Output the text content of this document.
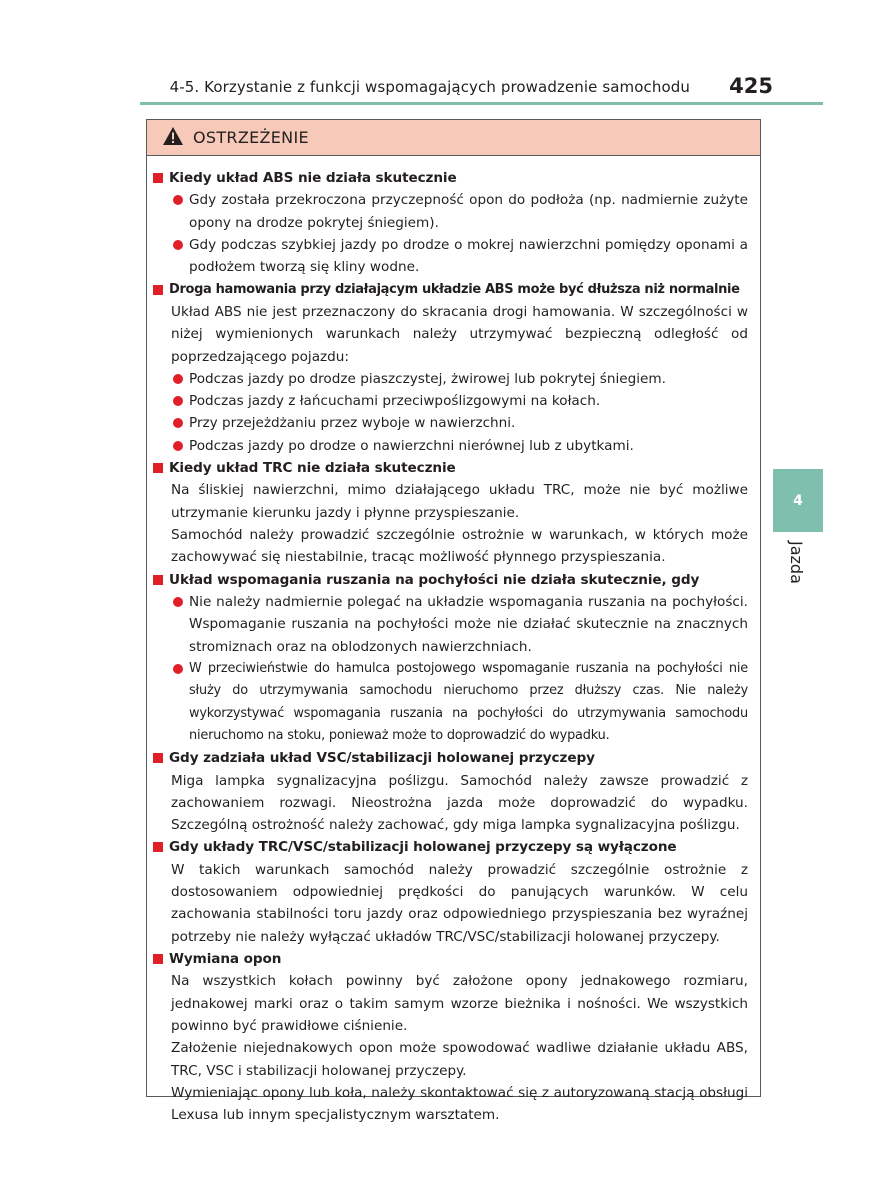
4-5. Korzystanie z funkcji wspomagających prowadzenie samochodu 425
4
Jazda
OSTRZEŻENIE
Kiedy układ ABS nie działa skutecznie
Gdy została przekroczona przyczepność opon do podłoża (np. nadmiernie zużyte opony na drodze pokrytej śniegiem).
Gdy podczas szybkiej jazdy po drodze o mokrej nawierzchni pomiędzy oponami a podłożem tworzą się kliny wodne.
Droga hamowania przy działającym układzie ABS może być dłuższa niż normalnie

Układ ABS nie jest przeznaczony do skracania drogi hamowania. W szczególności w niżej wymienionych warunkach należy utrzymywać bezpieczną odległość od poprzedzającego pojazdu:

Podczas jazdy po drodze piaszczystej, żwirowej lub pokrytej śniegiem.
Podczas jazdy z łańcuchami przeciwpoślizgowymi na kołach.
Przy przejeżdżaniu przez wyboje w nawierzchni.
Podczas jazdy po drodze o nawierzchni nierównej lub z ubytkami.
Kiedy układ TRC nie działa skutecznie

Na śliskiej nawierzchni, mimo działającego układu TRC, może nie być możliwe utrzymanie kierunku jazdy i płynne przyspieszanie.

Samochód należy prowadzić szczególnie ostrożnie w warunkach, w których może zachowywać się niestabilnie, tracąc możliwość płynnego przyspieszania.

Układ wspomagania ruszania na pochyłości nie działa skutecznie, gdy
Nie należy nadmiernie polegać na układzie wspomagania ruszania na pochyłości. Wspomaganie ruszania na pochyłości może nie działać skutecznie na znacznych stromiznach oraz na oblodzonych nawierzchniach.
W przeciwieństwie do hamulca postojowego wspomaganie ruszania na pochyłości nie służy do utrzymywania samochodu nieruchomo przez dłuższy czas. Nie należy wykorzystywać wspomagania ruszania na pochyłości do utrzymywania samochodu nieruchomo na stoku, ponieważ może to doprowadzić do wypadku.
Gdy zadziała układ VSC/stabilizacji holowanej przyczepy

Miga lampka sygnalizacyjna poślizgu. Samochód należy zawsze prowadzić z zachowaniem rozwagi. Nieostrożna jazda może doprowadzić do wypadku. Szczególną ostrożność należy zachować, gdy miga lampka sygnalizacyjna poślizgu.

Gdy układy TRC/VSC/stabilizacji holowanej przyczepy są wyłączone

W takich warunkach samochód należy prowadzić szczególnie ostrożnie z dostosowaniem odpowiedniej prędkości do panujących warunków. W celu zachowania stabilności toru jazdy oraz odpowiedniego przyspieszania bez wyraźnej potrzeby nie należy wyłączać układów TRC/VSC/stabilizacji holowanej przyczepy.

Wymiana opon

Na wszystkich kołach powinny być założone opony jednakowego rozmiaru, jednakowej marki oraz o takim samym wzorze bieżnika i nośności. We wszystkich powinno być prawidłowe ciśnienie.

Założenie niejednakowych opon może spowodować wadliwe działanie układu ABS, TRC, VSC i stabilizacji holowanej przyczepy.

Wymieniając opony lub koła, należy skontaktować się z autoryzowaną stacją obsługi Lexusa lub innym specjalistycznym warsztatem.
